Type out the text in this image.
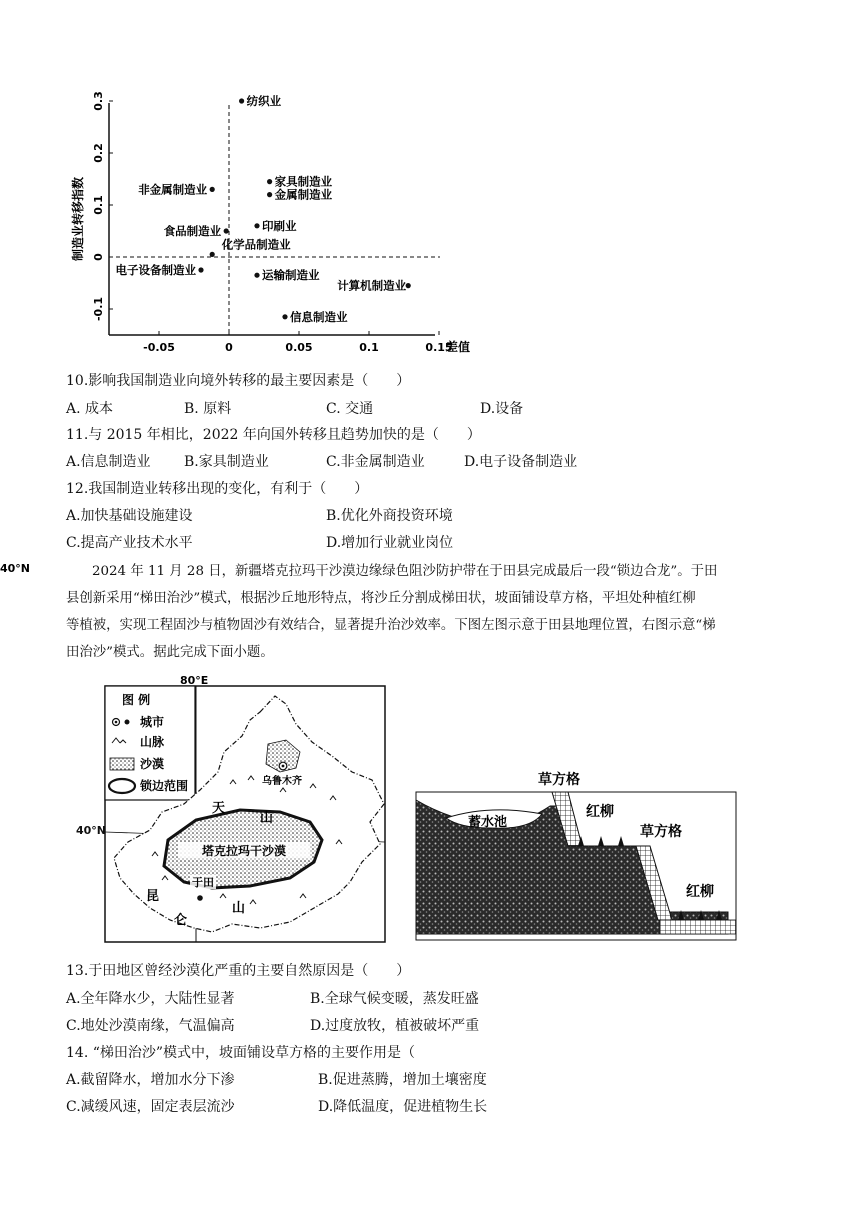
制造业转移指数
差值
-0.05	0	0.05	0.1	0.15
-0.1
0
0.1
0.2
0.3	纺织业
非金属制造业
家具制造业
金属制造业
食品制造业	印刷业
化学品制造业
电子设备制造业	运输制造业
计算机制造业
信息制造业
10.影响我国制造业向境外转移的最主要因素是（　　）
A. 成本	B. 原料	C. 交通	D.设备
11.与 2015 年相比，2022 年向国外转移且趋势加快的是（　　）
A.信息制造业 B.家具制造业	C.非金属制造业	D.电子设备制造业
12.我国制造业转移出现的变化，有利于（　　）
A.加快基础设施建设	B.优化外商投资环境
C.提高产业技术水平	D.增加行业就业岗位
2024 年 11 月 28 日，新疆塔克拉玛干沙漠边缘绿色阻沙防护带在于田县完成最后一段“锁边合龙”。于田
县创新采用“梯田治沙”模式，根据沙丘地形特点，将沙丘分割成梯田状，坡面铺设草方格，平坦处种植红柳
等植被，实现工程固沙与植物固沙有效结合，显著提升治沙效率。下图左图示意于田县地理位置，右图示意“梯
田治沙”模式。据此完成下面小题。
图 例
城市
山脉
沙漠
锁边范围
80°E
40°N
塔克拉玛干沙漠
乌鲁木齐
于田
天
山
昆
仑
山
40°N
蓄水池
草方格
红柳
草方格
红柳
13.于田地区曾经沙漠化严重的主要自然原因是（　　）
A.全年降水少，大陆性显著	B.全球气候变暖，蒸发旺盛
C.地处沙漠南缘，气温偏高	D.过度放牧，植被破坏严重
14. “梯田治沙”模式中，坡面铺设草方格的主要作用是（
A.截留降水，增加水分下渗	B.促进蒸腾，增加土壤密度
C.减缓风速，固定表层流沙	D.降低温度，促进植物生长
